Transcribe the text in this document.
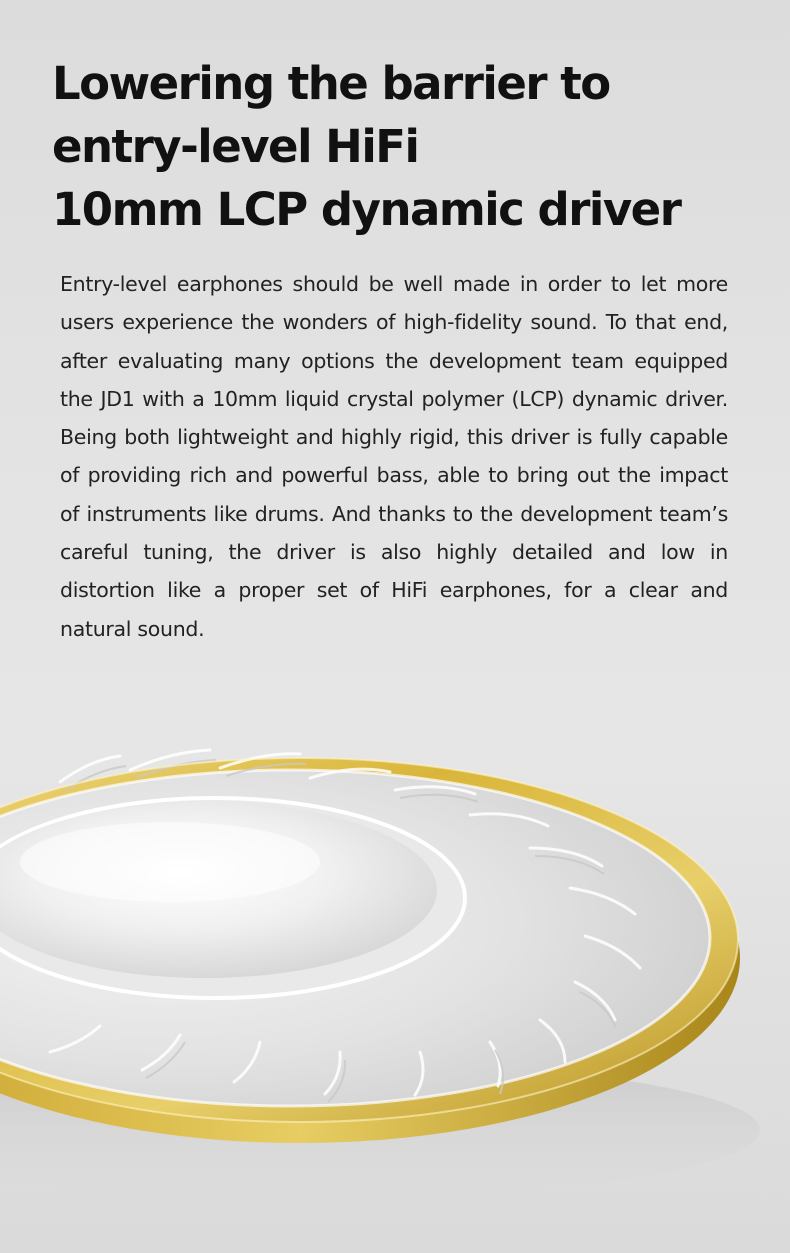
Lowering the barrier to
entry-level HiFi
10mm LCP dynamic driver

Entry-level earphones should be well made in order to let more users experience the wonders of high-fidelity sound. To that end, after evaluating many options the development team equipped the JD1 with a 10mm liquid crystal polymer (LCP) dynamic driver. Being both lightweight and highly rigid, this driver is fully capable of providing rich and powerful bass, able to bring out the impact of instruments like drums. And thanks to the development team’s careful tuning, the driver is also highly detailed and low in distortion like a proper set of HiFi earphones, for a clear and natural sound.
